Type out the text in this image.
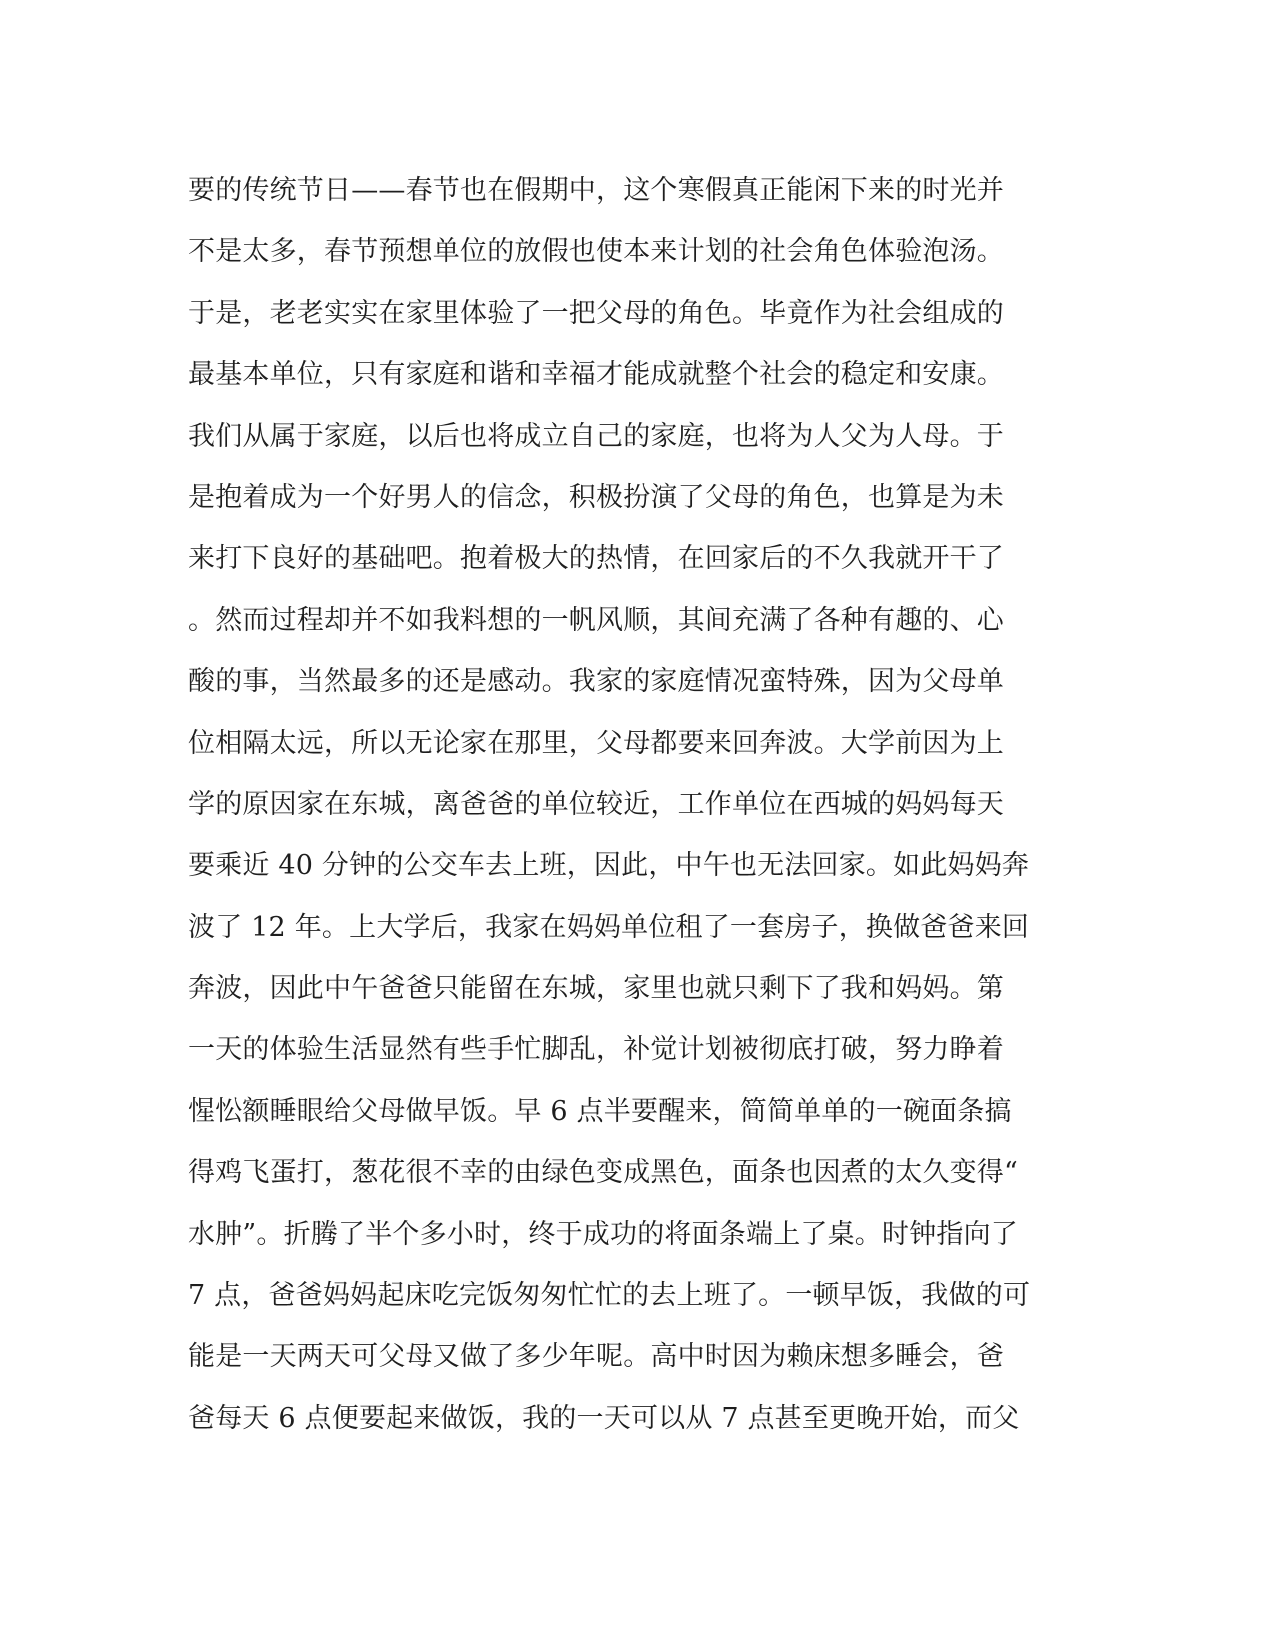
要的传统节日——春节也在假期中，这个寒假真正能闲下来的时光并
不是太多，春节预想单位的放假也使本来计划的社会角色体验泡汤。
于是，老老实实在家里体验了一把父母的角色。毕竟作为社会组成的
最基本单位，只有家庭和谐和幸福才能成就整个社会的稳定和安康。
我们从属于家庭，以后也将成立自己的家庭，也将为人父为人母。于
是抱着成为一个好男人的信念，积极扮演了父母的角色，也算是为未
来打下良好的基础吧。抱着极大的热情，在回家后的不久我就开干了
。然而过程却并不如我料想的一帆风顺，其间充满了各种有趣的、心
酸的事，当然最多的还是感动。我家的家庭情况蛮特殊，因为父母单
位相隔太远，所以无论家在那里，父母都要来回奔波。大学前因为上
学的原因家在东城，离爸爸的单位较近，工作单位在西城的妈妈每天
要乘近 40 分钟的公交车去上班，因此，中午也无法回家。如此妈妈奔
波了 12 年。上大学后，我家在妈妈单位租了一套房子，换做爸爸来回
奔波，因此中午爸爸只能留在东城，家里也就只剩下了我和妈妈。第
一天的体验生活显然有些手忙脚乱，补觉计划被彻底打破，努力睁着
惺忪额睡眼给父母做早饭。早 6 点半要醒来，简简单单的一碗面条搞
得鸡飞蛋打，葱花很不幸的由绿色变成黑色，面条也因煮的太久变得“
水肿”。折腾了半个多小时，终于成功的将面条端上了桌。时钟指向了
7 点，爸爸妈妈起床吃完饭匆匆忙忙的去上班了。一顿早饭，我做的可
能是一天两天可父母又做了多少年呢。高中时因为赖床想多睡会，爸
爸每天 6 点便要起来做饭，我的一天可以从 7 点甚至更晚开始，而父
